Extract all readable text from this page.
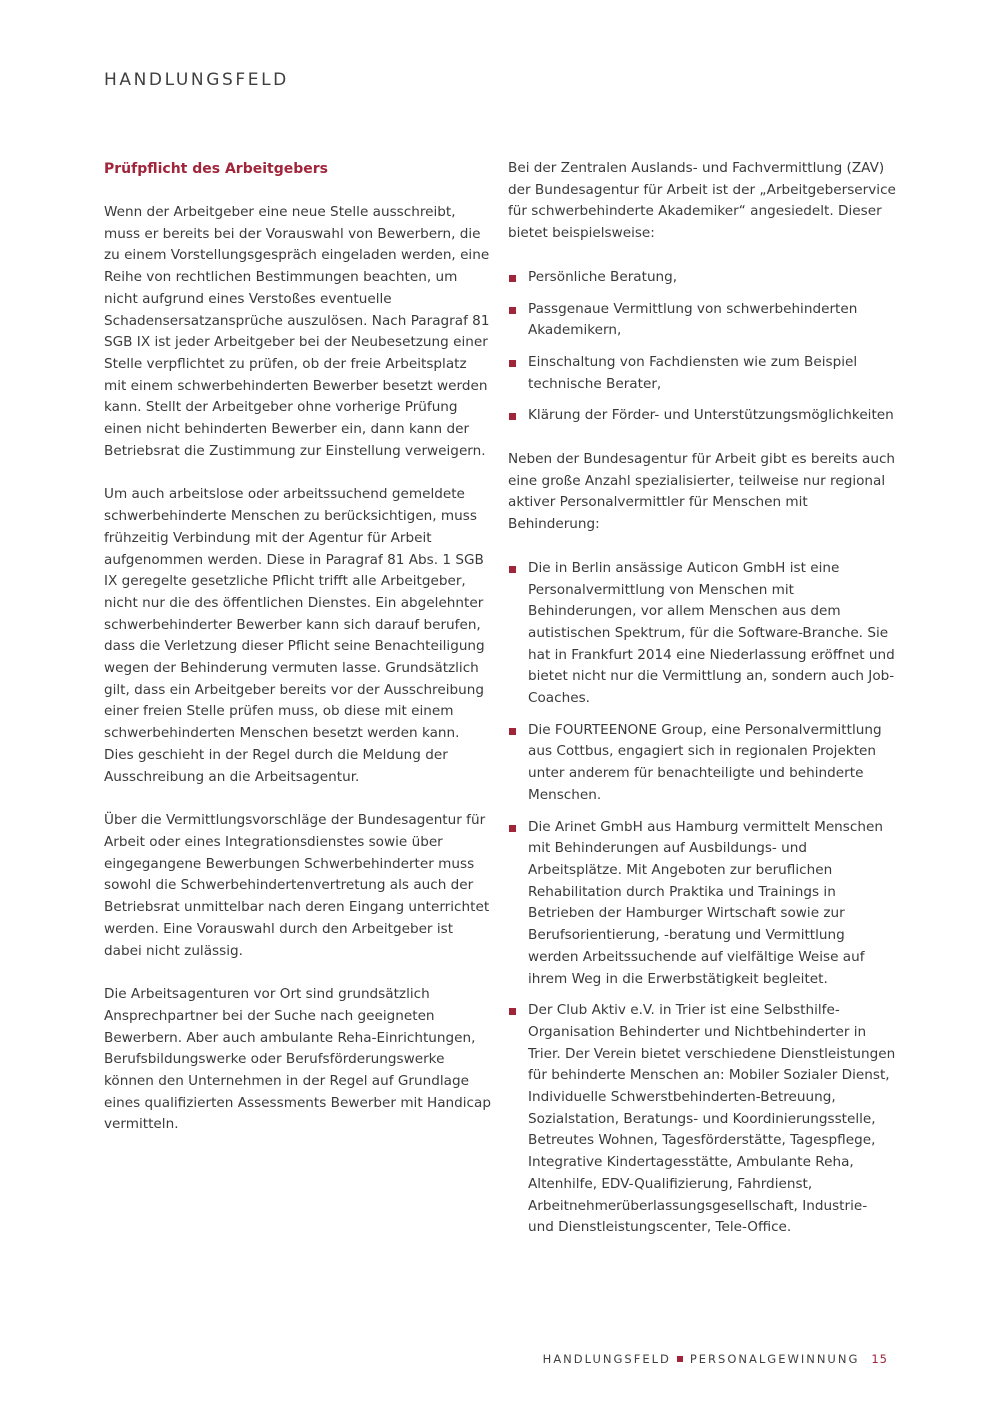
HANDLUNGSFELD
Prüfpflicht des Arbeitgebers

Wenn der Arbeitgeber eine neue Stelle ausschreibt, muss er bereits bei der Vorauswahl von Bewerbern, die zu einem Vorstellungsgespräch eingeladen werden, eine Reihe von rechtlichen Bestimmungen beachten, um nicht aufgrund eines Verstoßes eventuelle Schadensersatzansprüche auszulösen. Nach Paragraf 81 SGB IX ist jeder Arbeitgeber bei der Neubesetzung einer Stelle verpflichtet zu prüfen, ob der freie Arbeitsplatz mit einem schwerbehinderten Bewerber besetzt werden kann. Stellt der Arbeitgeber ohne vorherige Prüfung einen nicht behinderten Bewerber ein, dann kann der Betriebsrat die Zustimmung zur Einstellung verweigern.

Um auch arbeitslose oder arbeitssuchend gemeldete schwerbehinderte Menschen zu berücksichtigen, muss frühzeitig Verbindung mit der Agentur für Arbeit aufgenommen werden. Diese in Paragraf 81 Abs. 1 SGB IX geregelte gesetzliche Pflicht trifft alle Arbeitgeber, nicht nur die des öffentlichen Dienstes. Ein abgelehnter schwerbehinderter Bewerber kann sich darauf berufen, dass die Verletzung dieser Pflicht seine Benachteiligung wegen der Behinderung vermuten lasse. Grundsätzlich gilt, dass ein Arbeitgeber bereits vor der Ausschreibung einer freien Stelle prüfen muss, ob diese mit einem schwerbehinderten Menschen besetzt werden kann. Dies geschieht in der Regel durch die Meldung der Ausschreibung an die Arbeitsagentur.

Über die Vermittlungsvorschläge der Bundesagentur für Arbeit oder eines Integrationsdienstes sowie über eingegangene Bewerbungen Schwerbehinderter muss sowohl die Schwerbehindertenvertretung als auch der Betriebsrat unmittelbar nach deren Eingang unterrichtet werden. Eine Vorauswahl durch den Arbeitgeber ist dabei nicht zulässig.

Die Arbeitsagenturen vor Ort sind grundsätzlich Ansprechpartner bei der Suche nach geeigneten Bewerbern. Aber auch ambulante Reha-Einrichtungen, Berufsbildungswerke oder Berufsförderungswerke können den Unternehmen in der Regel auf Grundlage eines qualifizierten Assessments Bewerber mit Handicap vermitteln.

Bei der Zentralen Auslands- und Fachvermittlung (ZAV) der Bundesagentur für Arbeit ist der „Arbeitgeberservice für schwerbehinderte Akademiker“ angesiedelt. Dieser bietet beispielsweise:

Persönliche Beratung,
Passgenaue Vermittlung von schwerbehinderten Akademikern,
Einschaltung von Fachdiensten wie zum Beispiel technische Berater,
Klärung der Förder- und Unterstützungsmöglichkeiten

Neben der Bundesagentur für Arbeit gibt es bereits auch eine große Anzahl spezialisierter, teilweise nur regional aktiver Personalvermittler für Menschen mit Behinderung:

Die in Berlin ansässige Auticon GmbH ist eine Personalvermittlung von Menschen mit Behinderungen, vor allem Menschen aus dem autistischen Spektrum, für die Software-Branche. Sie hat in Frankfurt 2014 eine Niederlassung eröffnet und bietet nicht nur die Vermittlung an, sondern auch Job-Coaches.
Die FOURTEENONE Group, eine Personalvermittlung aus Cottbus, engagiert sich in regionalen Projekten unter anderem für benachteiligte und behinderte Menschen.
Die Arinet GmbH aus Hamburg vermittelt Menschen mit Behinderungen auf Ausbildungs- und Arbeitsplätze. Mit Angeboten zur beruflichen Rehabilitation durch Praktika und Trainings in Betrieben der Hamburger Wirtschaft sowie zur Berufsorientierung, -beratung und Vermittlung werden Arbeitssuchende auf vielfältige Weise auf ihrem Weg in die Erwerbstätigkeit begleitet.
Der Club Aktiv e.V. in Trier ist eine Selbsthilfe-Organisation Behinderter und Nichtbehinderter in Trier. Der Verein bietet verschiedene Dienstleistungen für behinderte Menschen an: Mobiler Sozialer Dienst, Individuelle Schwerstbehinderten-Betreuung, Sozialstation, Beratungs- und Koordinierungsstelle, Betreutes Wohnen, Tagesförderstätte, Tagespflege, Integrative Kindertagesstätte, Ambulante Reha, Altenhilfe, EDV-Qualifizierung, Fahrdienst, Arbeitnehmerüberlassungsgesellschaft, Industrie- und Dienstleistungscenter, Tele-Office.
HANDLUNGSFELD PERSONALGEWINNUNG 15
